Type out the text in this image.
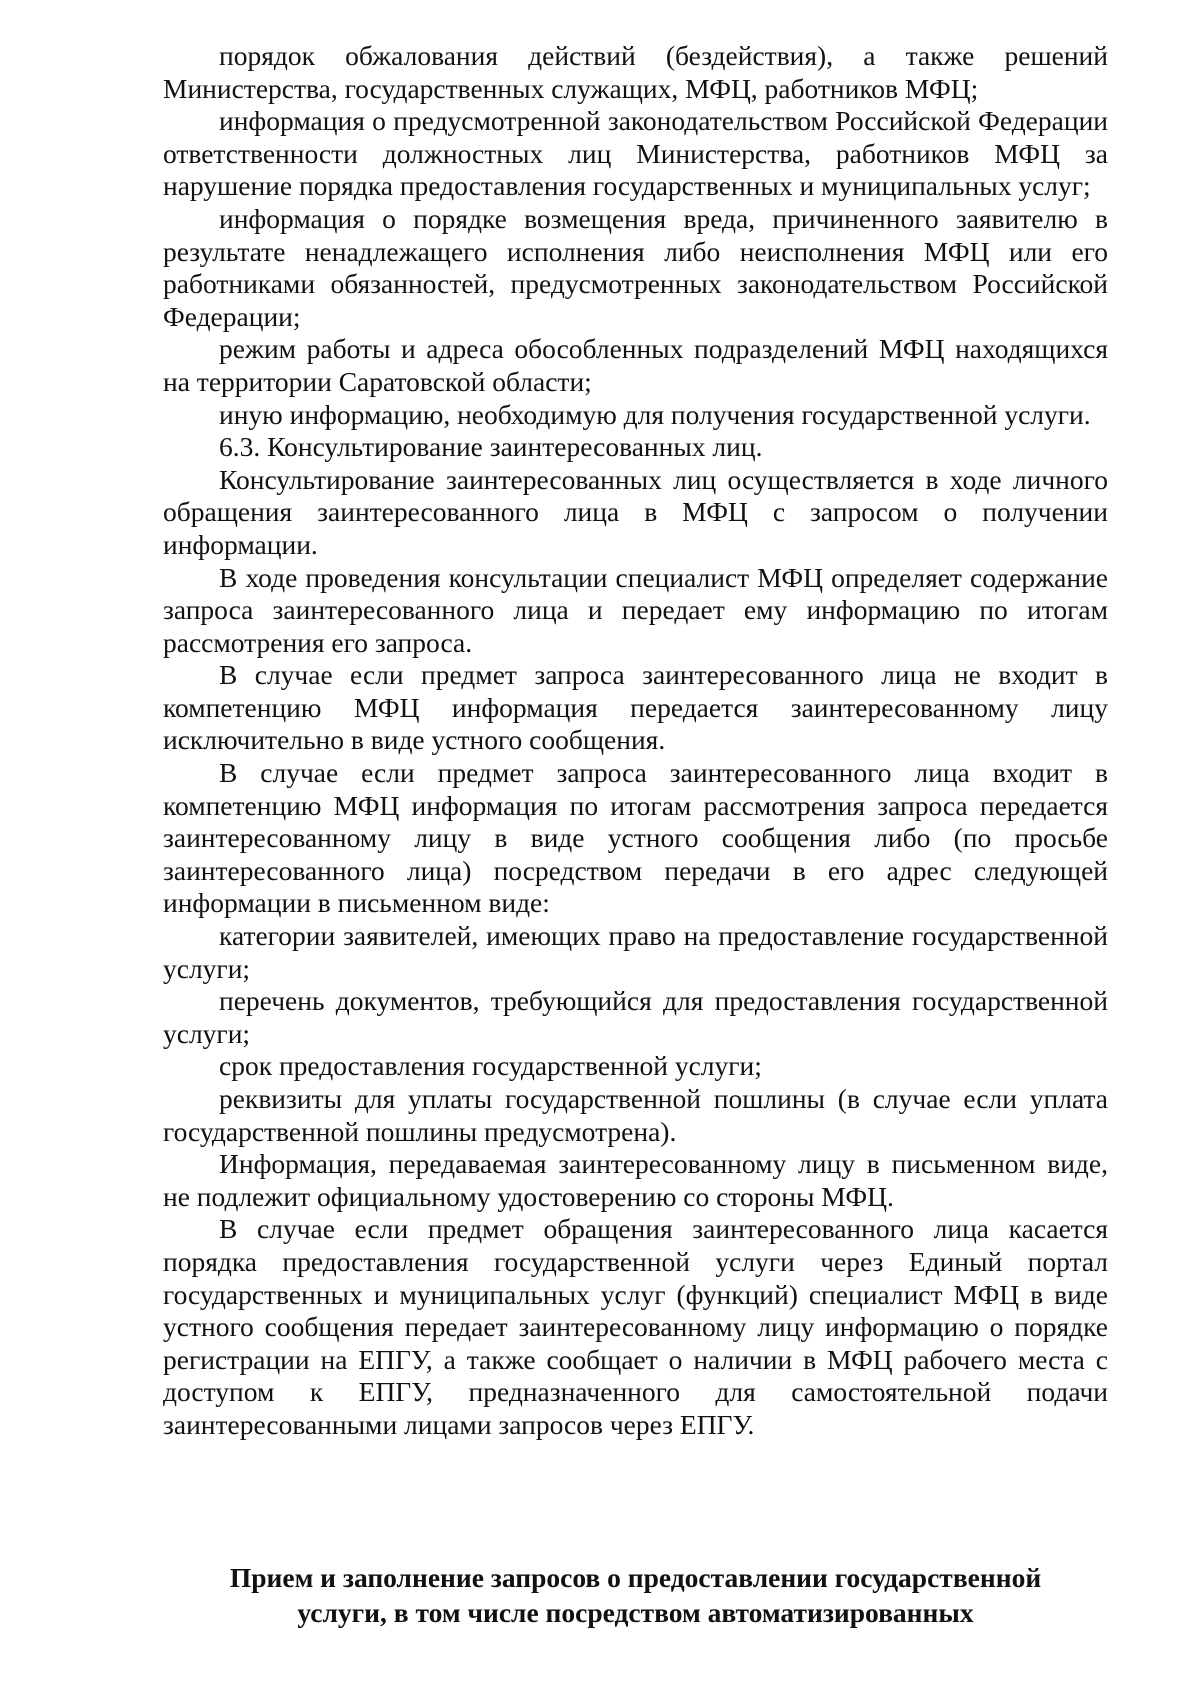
порядок обжалования действий (бездействия), а также решений Министерства, государственных служащих, МФЦ, работников МФЦ;

информация о предусмотренной законодательством Российской Федерации ответственности должностных лиц Министерства, работников МФЦ за нарушение порядка предоставления государственных и муниципальных услуг;

информация о порядке возмещения вреда, причиненного заявителю в результате ненадлежащего исполнения либо неисполнения МФЦ или его работниками обязанностей, предусмотренных законодательством Российской Федерации;

режим работы и адреса обособленных подразделений МФЦ находящихся на территории Саратовской области;

иную информацию, необходимую для получения государственной услуги.

6.3. Консультирование заинтересованных лиц.

Консультирование заинтересованных лиц осуществляется в ходе личного обращения заинтересованного лица в МФЦ с запросом о получении информации.

В ходе проведения консультации специалист МФЦ определяет содержание запроса заинтересованного лица и передает ему информацию по итогам рассмотрения его запроса.

В случае если предмет запроса заинтересованного лица не входит в компетенцию МФЦ информация передается заинтересованному лицу исключительно в виде устного сообщения.

В случае если предмет запроса заинтересованного лица входит в компетенцию МФЦ информация по итогам рассмотрения запроса передается заинтересованному лицу в виде устного сообщения либо (по просьбе заинтересованного лица) посредством передачи в его адрес следующей информации в письменном виде:

категории заявителей, имеющих право на предоставление государственной услуги;

перечень документов, требующийся для предоставления государственной услуги;

срок предоставления государственной услуги;

реквизиты для уплаты государственной пошлины (в случае если уплата государственной пошлины предусмотрена).

Информация, передаваемая заинтересованному лицу в письменном виде, не подлежит официальному удостоверению со стороны МФЦ.

В случае если предмет обращения заинтересованного лица касается порядка предоставления государственной услуги через Единый портал государственных и муниципальных услуг (функций) специалист МФЦ в виде устного сообщения передает заинтересованному лицу информацию о порядке регистрации на ЕПГУ, а также сообщает о наличии в МФЦ рабочего места с доступом к ЕПГУ, предназначенного для самостоятельной подачи заинтересованными лицами запросов через ЕПГУ.

Прием и заполнение запросов о предоставлении государственной
услуги, в том числе посредством автоматизированных
